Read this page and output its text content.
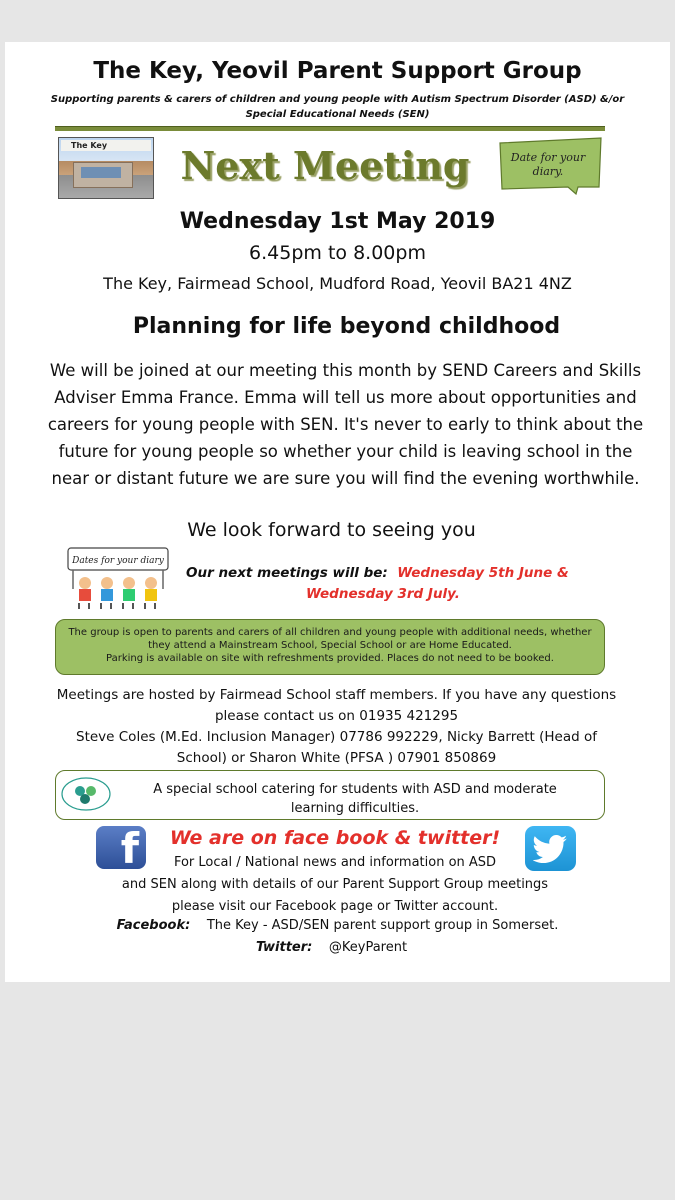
The Key, Yeovil Parent Support Group
Supporting parents & carers of children and young people with Autism Spectrum Disorder (ASD) &/or Special Educational Needs (SEN)
The Key	Next Meeting	Date for your diary.
Wednesday 1st May 2019
6.45pm to 8.00pm
The Key, Fairmead School, Mudford Road, Yeovil BA21 4NZ
Planning for life beyond childhood
We will be joined at our meeting this month by SEND Careers and Skills Adviser Emma France. Emma will tell us more about opportunities and careers for young people with SEN. It's never to early to think about the future for young people so whether your child is leaving school in the near or distant future we are sure you will find the evening worthwhile.
We look forward to seeing you
Dates for your diary
Our next meetings will be: Wednesday 5th June &
Wednesday 3rd July.
The group is open to parents and carers of all children and young people with additional needs, whether
they attend a Mainstream School, Special School or are Home Educated.
Parking is available on site with refreshments provided. Places do not need to be booked.
Meetings are hosted by Fairmead School staff members. If you have any questions
please contact us on 01935 421295
Steve Coles (M.Ed. Inclusion Manager) 07786 992229, Nicky Barrett (Head of
School) or Sharon White (PFSA ) 07901 850869
A special school catering for students with ASD and moderate
learning difficulties.
f	We are on face book & twitter!
For Local / National news and information on ASD
and SEN along with details of our Parent Support Group meetings
please visit our Facebook page or Twitter account.
Facebook: The Key - ASD/SEN parent support group in Somerset.
Twitter: @KeyParent
